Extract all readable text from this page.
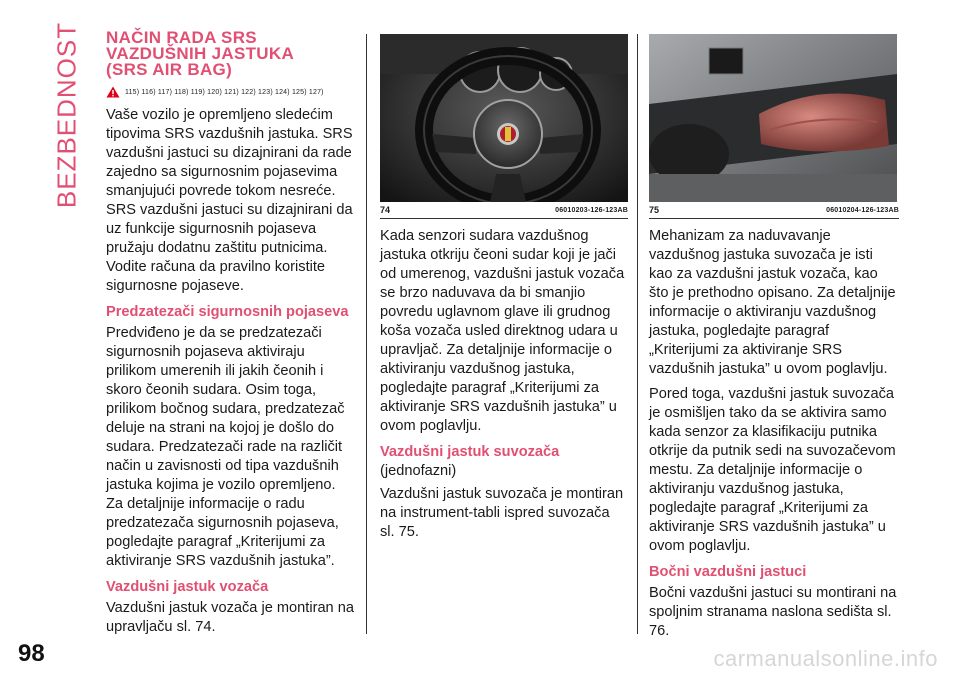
BEZBEDNOST NAČIN RADA SRS
VAZDUŠNIH JASTUKA
(SRS AIR BAG)
115) 116) 117) 118) 119) 120) 121) 122) 123) 124) 125) 127)

Vaše vozilo je opremljeno sledećim tipovima SRS vazdušnih jastuka. SRS vazdušni jastuci su dizajnirani da rade zajedno sa sigurnosnim pojasevima smanjujući povrede tokom nesreće. SRS vazdušni jastuci su dizajnirani da uz funkcije sigurnosnih pojaseva pružaju dodatnu zaštitu putnicima. Vodite računa da pravilno koristite sigurnosne pojaseve.

Predzatezači sigurnosnih pojaseva

Predviđeno je da se predzatezači sigurnosnih pojaseva aktiviraju prilikom umerenih ili jakih čeonih i skoro čeonih sudara. Osim toga, prilikom bočnog sudara, predzatezač deluje na strani na kojoj je došlo do sudara. Predzatezači rade na različit način u zavisnosti od tipa vazdušnih jastuka kojima je vozilo opremljeno. Za detaljnije informacije o radu predzatezača sigurnosnih pojaseva, pogledajte paragraf „Kriterijumi za aktiviranje SRS vazdušnih jastuka”.

Vazdušni jastuk vozača

Vazdušni jastuk vozača je montiran na upravljaču sl. 74.

74	06010203-126-123AB

Kada senzori sudara vazdušnog jastuka otkriju čeoni sudar koji je jači od umerenog, vazdušni jastuk vozača se brzo naduvava da bi smanjio povredu uglavnom glave ili grudnog koša vozača usled direktnog udara u upravljač. Za detaljnije informacije o aktiviranju vazdušnog jastuka, pogledajte paragraf „Kriterijumi za aktiviranje SRS vazdušnih jastuka” u ovom poglavlju.

Vazdušni jastuk suvozača
(jednofazni)

Vazdušni jastuk suvozača je montiran na instrument-tabli ispred suvozača sl. 75.

75	06010204-126-123AB

Mehanizam za naduvavanje vazdušnog jastuka suvozača je isti kao za vazdušni jastuk vozača, kao što je prethodno opisano. Za detaljnije informacije o aktiviranju vazdušnog jastuka, pogledajte paragraf „Kriterijumi za aktiviranje SRS vazdušnih jastuka” u ovom poglavlju.

Pored toga, vazdušni jastuk suvozača je osmišljen tako da se aktivira samo kada senzor za klasifikaciju putnika otkrije da putnik sedi na suvozačevom mestu. Za detaljnije informacije o aktiviranju vazdušnog jastuka, pogledajte paragraf „Kriterijumi za aktiviranje SRS vazdušnih jastuka” u ovom poglavlju.

Bočni vazdušni jastuci

Bočni vazdušni jastuci su montirani na spoljnim stranama naslona sedišta sl. 76.

98	carmanualsonline.info
